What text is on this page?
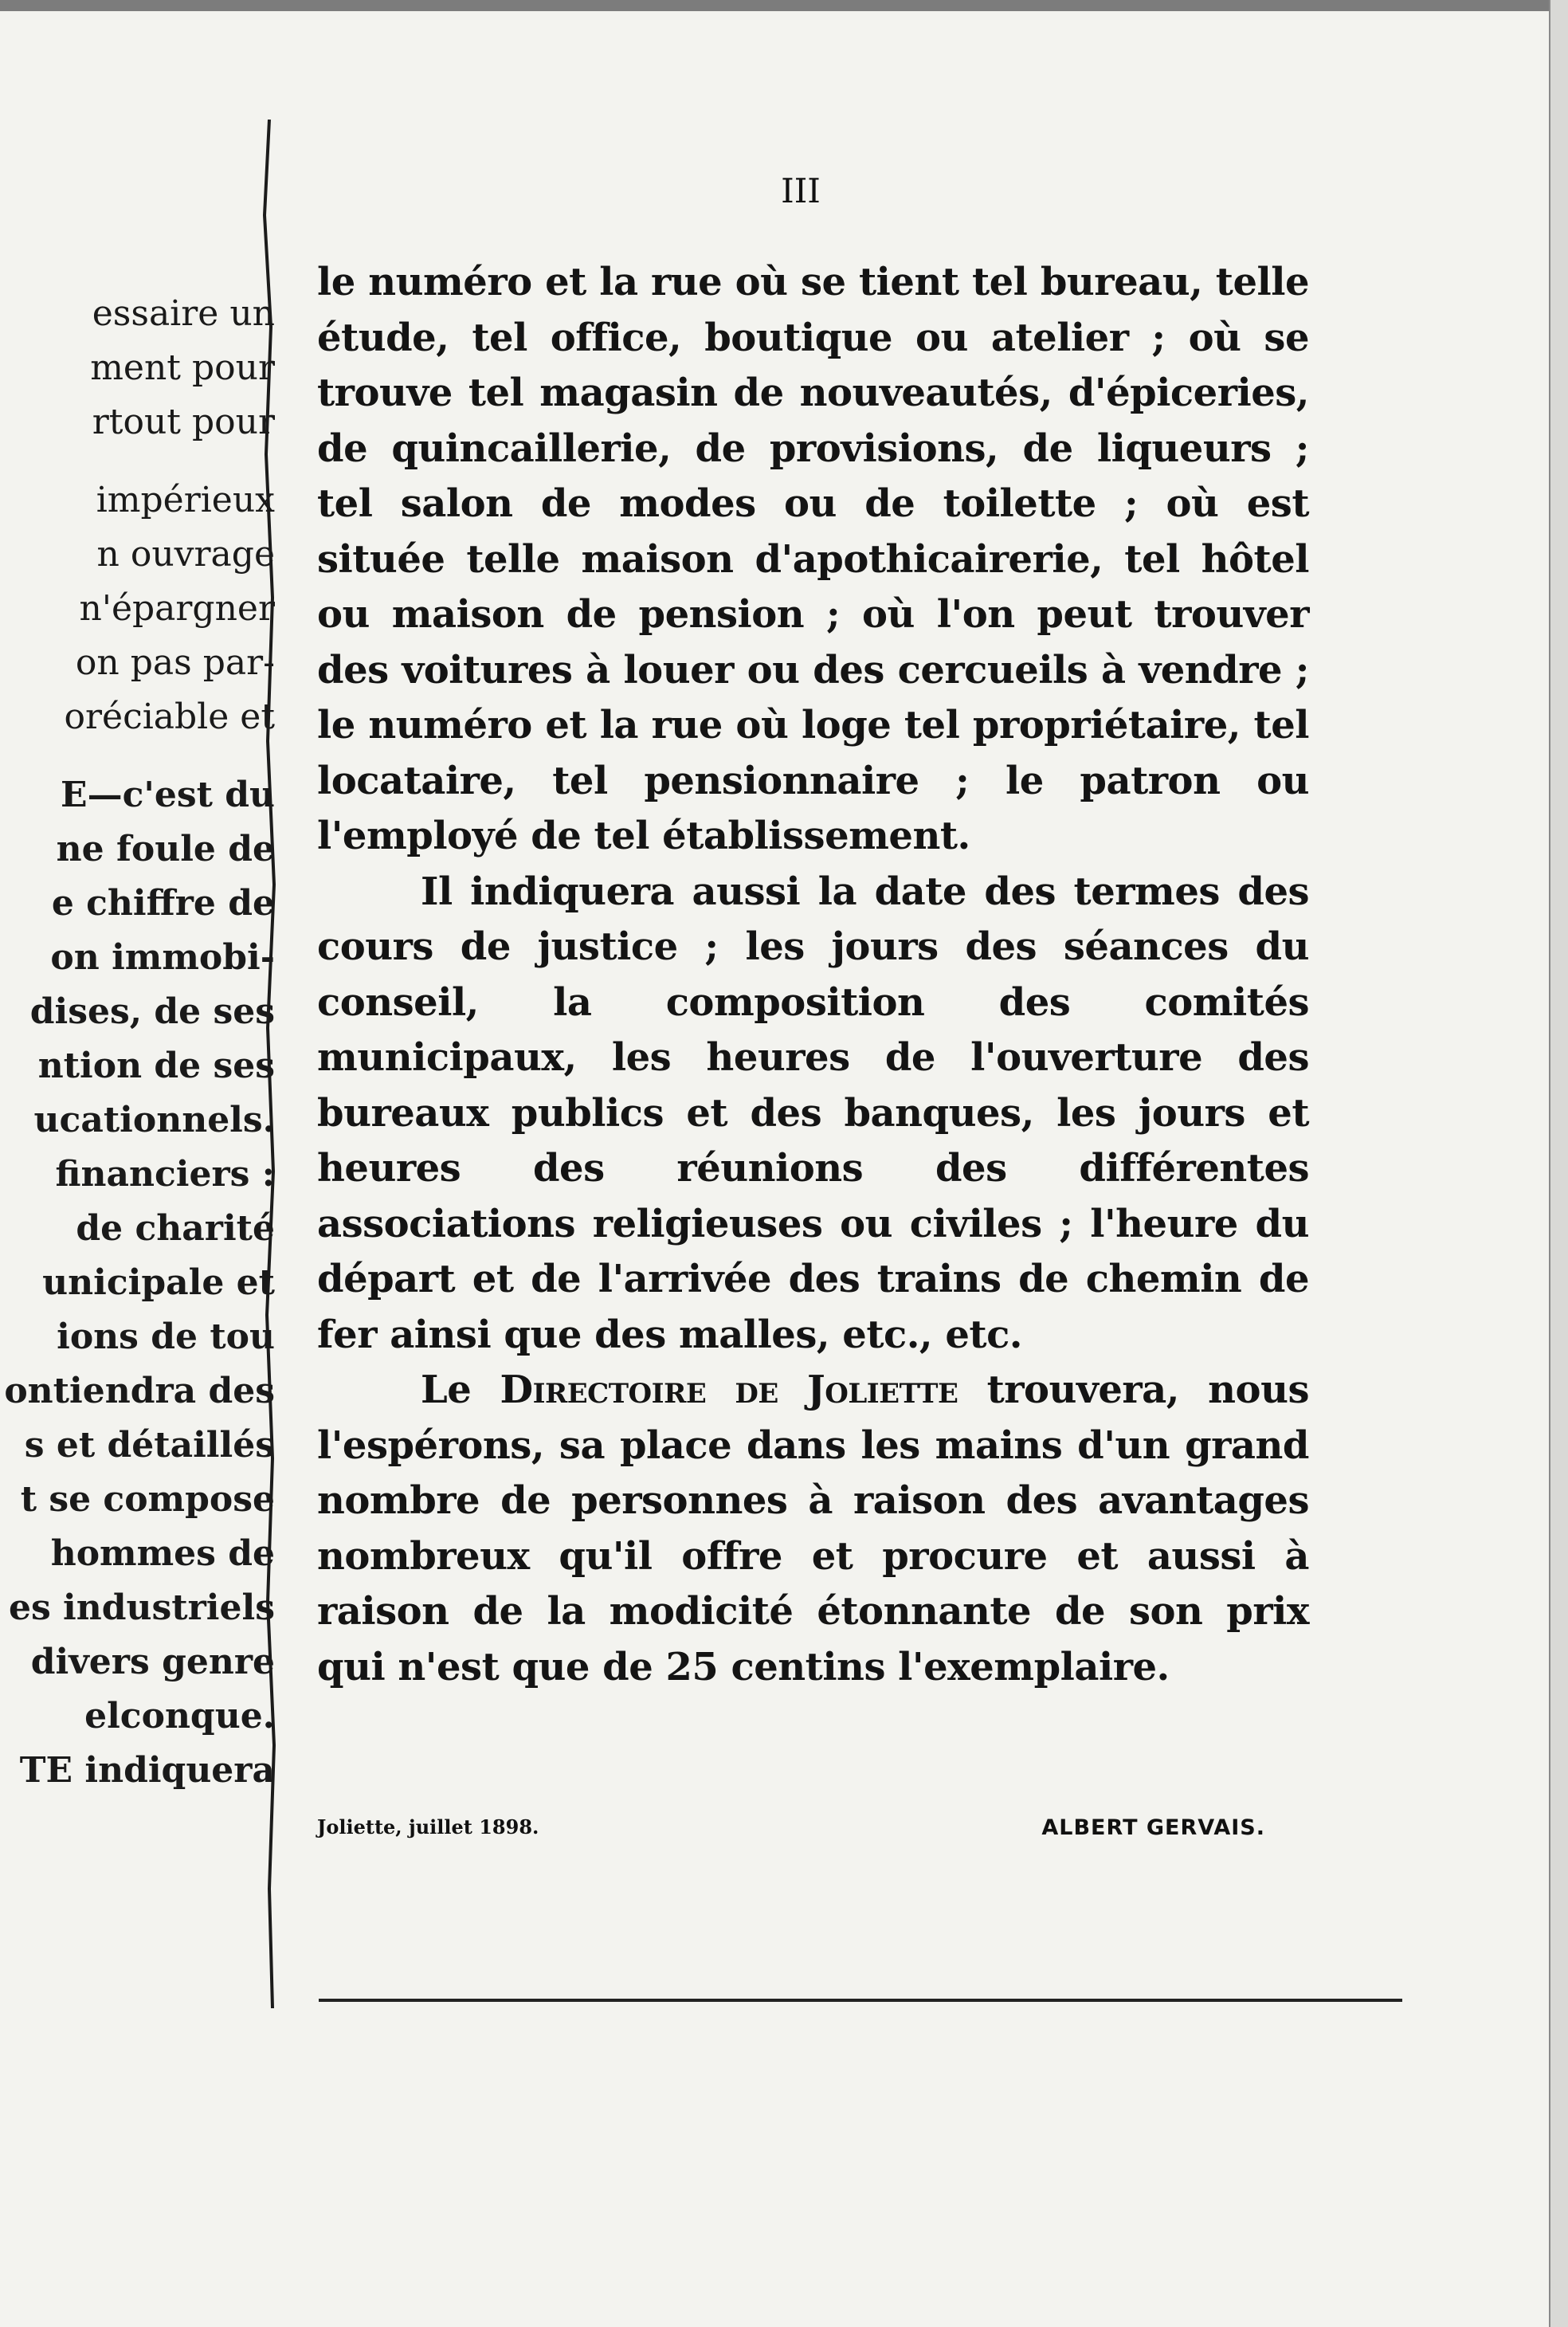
essaire un
ment pour
rtout pour
impérieux
n ouvrage
n'épargner
on pas par-
oréciable et
E—c'est du
ne foule de
e chiffre de
on immobi-
dises, de ses
ntion de ses
ucationnels.
financiers :
de charité
unicipale et
ions de tou
ontiendra des
s et détaillés
t se compose
hommes de
es industriels
divers genre
elconque.
TE indiquera
III

le numéro et la rue où se tient tel bureau, telle étude, tel office, boutique ou atelier ; où se trouve tel magasin de nouveautés, d'épiceries, de quincaillerie, de provisions, de liqueurs ; tel salon de modes ou de toilette ; où est située telle maison d'apothicairerie, tel hôtel ou maison de pension ; où l'on peut trouver des voitures à louer ou des cercueils à vendre ; le numéro et la rue où loge tel propriétaire, tel locataire, tel pensionnaire ; le patron ou l'employé de tel établissement.

Il indiquera aussi la date des termes des cours de justice ; les jours des séances du conseil, la composition des comités municipaux, les heures de l'ouverture des bureaux publics et des banques, les jours et heures des réunions des différentes associations religieuses ou civiles ; l'heure du départ et de l'arrivée des trains de chemin de fer ainsi que des malles, etc., etc.

Le Directoire de Joliette trouvera, nous l'espérons, sa place dans les mains d'un grand nombre de personnes à raison des avantages nombreux qu'il offre et procure et aussi à raison de la modicité étonnante de son prix qui n'est que de 25 centins l'exemplaire.

Joliette, juillet 1898.	ALBERT GERVAIS.
